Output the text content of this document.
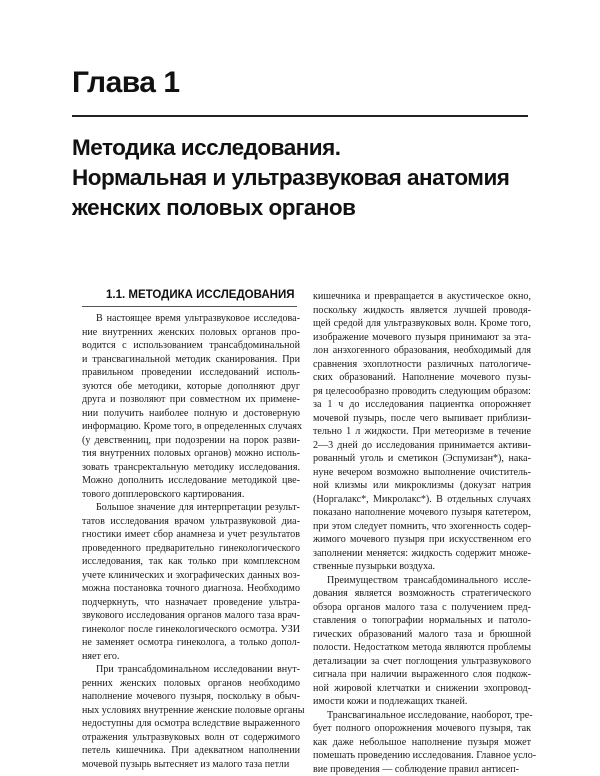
Глава 1
Методика исследования.
Нормальная и ультразвуковая анатомия
женских половых органов
1.1. МЕТОДИКА ИССЛЕДОВАНИЯ
В настоящее время ультразвуковое исследова-
ние внутренних женских половых органов про-
водится с использованием трансабдоминальной
и трансвагинальной методик сканирования. При
правильном проведении исследований исполь-
зуются обе методики, которые дополняют друг
друга и позволяют при совместном их примене-
нии получить наиболее полную и достоверную
информацию. Кроме того, в определенных случаях
(у девственниц, при подозрении на порок разви-
тия внутренних половых органов) можно исполь-
зовать трансректальную методику исследования.
Можно дополнить исследование методикой цве-
тового допплеровского картирования.
Большое значение для интерпретации результ-
татов исследования врачом ультразвуковой диа-
гностики имеет сбор анамнеза и учет результатов
проведенного предварительно гинекологического
исследования, так как только при комплексном
учете клинических и эхографических данных воз-
можна постановка точного диагноза. Необходимо
подчеркнуть, что назначает проведение ультра-
звукового исследования органов малого таза врач-
гинеколог после гинекологического осмотра. УЗИ
не заменяет осмотра гинеколога, а только допол-
няет его.
При трансабдоминальном исследовании внут-
ренних женских половых органов необходимо
наполнение мочевого пузыря, поскольку в обыч-
ных условиях внутренние женские половые органы
недоступны для осмотра вследствие выраженного
отражения ультразвуковых волн от содержимого
петель кишечника. При адекватном наполнении
мочевой пузырь вытесняет из малого таза петли
кишечника и превращается в акустическое окно,
поскольку жидкость является лучшей проводя-
щей средой для ультразвуковых волн. Кроме того,
изображение мочевого пузыря принимают за эта-
лон анэхогенного образования, необходимый для
сравнения эхоплотности различных патологиче-
ских образований. Наполнение мочевого пузы-
ря целесообразно проводить следующим образом:
за 1 ч до исследования пациентка опорожняет
мочевой пузырь, после чего выпивает приблизи-
тельно 1 л жидкости. При метеоризме в течение
2—3 дней до исследования принимается активи-
рованный уголь и сметикон (Эспумизан*), нака-
нуне вечером возможно выполнение очиститель-
ной клизмы или микроклизмы (докузат натрия
(Норгалакс*, Микролакс*). В отдельных случаях
показано наполнение мочевого пузыря катетером,
при этом следует помнить, что эхогенность содер-
жимого мочевого пузыря при искусственном его
заполнении меняется: жидкость содержит множе-
ственные пузырьки воздуха.
Преимуществом трансабдоминального иссле-
дования является возможность стратегического
обзора органов малого таза с получением пред-
ставления о топографии нормальных и патоло-
гических образований малого таза и брюшной
полости. Недостатком метода являются проблемы
детализации за счет поглощения ультразвукового
сигнала при наличии выраженного слоя подкож-
ной жировой клетчатки и снижении эхопровод-
имости кожи и подлежащих тканей.
Трансвагинальное исследование, наоборот, тре-
бует полного опорожнения мочевого пузыря, так
как даже небольшое наполнение пузыря может
помешать проведению исследования. Главное усло-
вие проведения — соблюдение правил антисеп-
